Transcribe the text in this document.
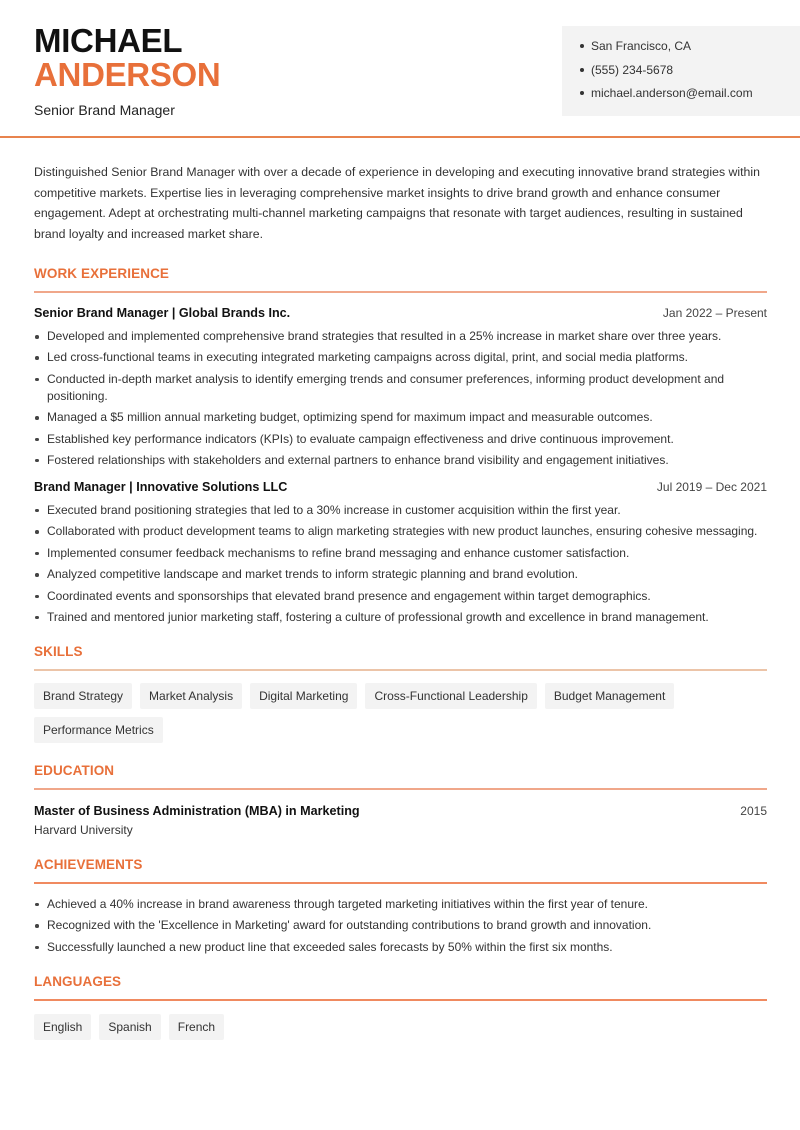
MICHAEL
ANDERSON
Senior Brand Manager
San Francisco, CA
(555) 234-5678
michael.anderson@email.com

Distinguished Senior Brand Manager with over a decade of experience in developing and executing innovative brand strategies within competitive markets. Expertise lies in leveraging comprehensive market insights to drive brand growth and enhance consumer engagement. Adept at orchestrating multi-channel marketing campaigns that resonate with target audiences, resulting in sustained brand loyalty and increased market share.

WORK EXPERIENCE
Senior Brand Manager | Global Brands Inc.	Jan 2022 – Present
Developed and implemented comprehensive brand strategies that resulted in a 25% increase in market share over three years.
Led cross-functional teams in executing integrated marketing campaigns across digital, print, and social media platforms.
Conducted in-depth market analysis to identify emerging trends and consumer preferences, informing product development and positioning.
Managed a $5 million annual marketing budget, optimizing spend for maximum impact and measurable outcomes.
Established key performance indicators (KPIs) to evaluate campaign effectiveness and drive continuous improvement.
Fostered relationships with stakeholders and external partners to enhance brand visibility and engagement initiatives.
Brand Manager | Innovative Solutions LLC	Jul 2019 – Dec 2021
Executed brand positioning strategies that led to a 30% increase in customer acquisition within the first year.
Collaborated with product development teams to align marketing strategies with new product launches, ensuring cohesive messaging.
Implemented consumer feedback mechanisms to refine brand messaging and enhance customer satisfaction.
Analyzed competitive landscape and market trends to inform strategic planning and brand evolution.
Coordinated events and sponsorships that elevated brand presence and engagement within target demographics.
Trained and mentored junior marketing staff, fostering a culture of professional growth and excellence in brand management.
SKILLS
Brand Strategy	Market Analysis	Digital Marketing	Cross-Functional Leadership	Budget Management
Performance Metrics
EDUCATION
Master of Business Administration (MBA) in Marketing	2015
Harvard University
ACHIEVEMENTS
Achieved a 40% increase in brand awareness through targeted marketing initiatives within the first year of tenure.
Recognized with the 'Excellence in Marketing' award for outstanding contributions to brand growth and innovation.
Successfully launched a new product line that exceeded sales forecasts by 50% within the first six months.
LANGUAGES
English	Spanish	French
